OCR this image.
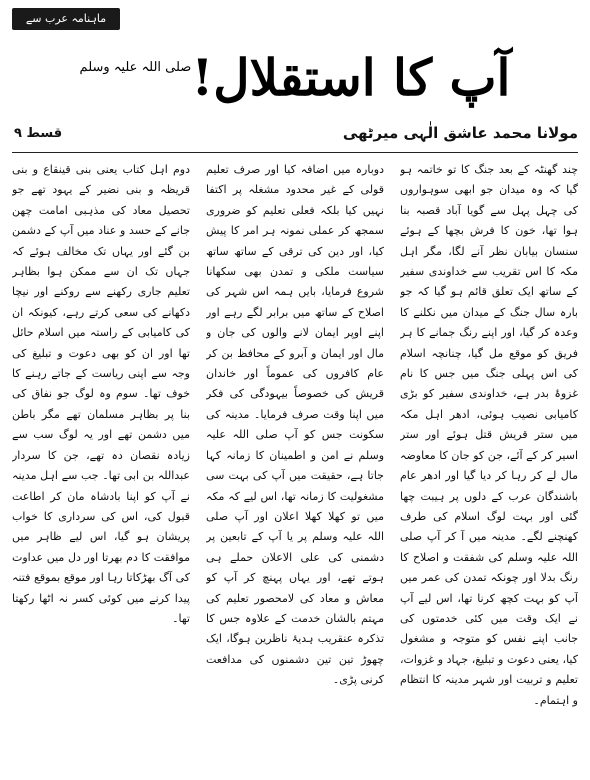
ماہنامہ عرب سے اقتباس
آپ کا استقلال!صلی اللہ علیہ وسلم
قسط ۹	مولانا محمد عاشق الٰہی میرٹھی

چند گھنٹہ کے بعد جنگ کا تو خاتمہ ہو گیا کہ وہ میدان جو ابھی سوہواروں کی چہل پہل سے گویا آباد قصبہ بنا ہوا تھا، خون کا فرش بچھا کے ہوئے سنسان بیابان نظر آنے لگا، مگر اہل مکہ کا اس تقریب سے خداوندی سفیر کے ساتھ ایک تعلق قائم ہو گیا کہ جو بارہ سال جنگ کے میدان میں نکلنے کا وعدہ کر گیا، اور اپنے رنگ جمانے کا ہر فریق کو موقع مل گیا، چنانچہ اسلام کی اس پہلی جنگ میں جس کا نام غزوۂ بدر ہے، خداوندی سفیر کو بڑی کامیابی نصیب ہوئی، ادھر اہل مکہ میں ستر قریش قتل ہوئے اور ستر اسیر کر کے آئے، جن کو جان کا معاوضہ مال لے کر رہا کر دیا گیا اور ادھر عام باشندگان عرب کے دلوں پر ہیبت چھا گئی اور بہت لوگ اسلام کی طرف کھنچنے لگے۔ مدینہ میں آ کر آپ صلی اللہ علیہ وسلم کی شفقت و اصلاح کا رنگ بدلا اور چونکہ تمدن کی عمر میں آپ کو بہت کچھ کرنا تھا، اس لیے آپ نے ایک وقت میں کئی خدمتوں کی جانب اپنے نفس کو متوجہ و مشغول کیا، یعنی دعوت و تبلیغ، جہاد و غزوات، تعلیم و تربیت اور شہر مدینہ کا انتظام و اہتمام۔

دوبارہ میں اضافہ کیا اور صرف تعلیم قولی کے غیر محدود مشغلہ پر اکتفا نہیں کیا بلکہ فعلی تعلیم کو ضروری سمجھ کر عملی نمونہ ہر امر کا پیش کیا، اور دین کی ترقی کے ساتھ ساتھ سیاست ملکی و تمدن بھی سکھانا شروع فرمایا، بایں ہمہ اس شہر کی اصلاح کے ساتھ میں برابر لگے رہے اور اپنے اوپر ایمان لانے والوں کی جان و مال اور ایمان و آبرو کے محافظ بن کر عام کافروں کی عموماً اور خاندان قریش کی خصوصاً بیہودگی کی فکر میں اپنا وقت صرف فرمایا۔ مدینہ کی سکونت جس کو آپ صلی اللہ علیہ وسلم نے امن و اطمینان کا زمانہ کہا جاتا ہے، حقیقت میں آپ کی بہت سی مشغولیت کا زمانہ تھا، اس لیے کہ مکہ میں تو کھلا کھلا اعلان اور آپ صلی اللہ علیہ وسلم پر یا آپ کے تابعین پر دشمنی کی علی الاعلان حملے ہی ہوتے تھے، اور یہاں پہنچ کر آپ کو معاش و معاد کی لامحصور تعلیم کی مہتم بالشان خدمت کے علاوہ جس کا تذکرہ عنقریب ہدیۂ ناظرین ہوگا، ایک چھوڑ تین تین دشمنوں کی مدافعت کرنی پڑی۔

دوم اہل کتاب یعنی بنی قینقاع و بنی قریظہ و بنی نضیر کے یہود تھے جو تحصیل معاد کی مذہبی امامت چھن جانے کے حسد و عناد میں آپ کے دشمن بن گئے اور یہاں تک مخالف ہوئے کہ جہاں تک ان سے ممکن ہوا بظاہر تعلیم جاری رکھنے سے روکنے اور نیچا دکھانے کی سعی کرتے رہے، کیونکہ ان کی کامیابی کے راستہ میں اسلام حائل تھا اور ان کو بھی دعوت و تبلیغ کی وجہ سے اپنی ریاست کے جاتے رہنے کا خوف تھا۔ سوم وہ لوگ جو نفاق کی بنا پر بظاہر مسلمان تھے مگر باطن میں دشمن تھے اور یہ لوگ سب سے زیادہ نقصان دہ تھے، جن کا سردار عبداللہ بن ابی تھا۔ جب سے اہل مدینہ نے آپ کو اپنا بادشاہ مان کر اطاعت قبول کی، اس کی سرداری کا خواب پریشان ہو گیا، اس لیے ظاہر میں موافقت کا دم بھرتا اور دل میں عداوت کی آگ بھڑکاتا رہا اور موقع بموقع فتنہ پیدا کرنے میں کوئی کسر نہ اٹھا رکھتا تھا۔
